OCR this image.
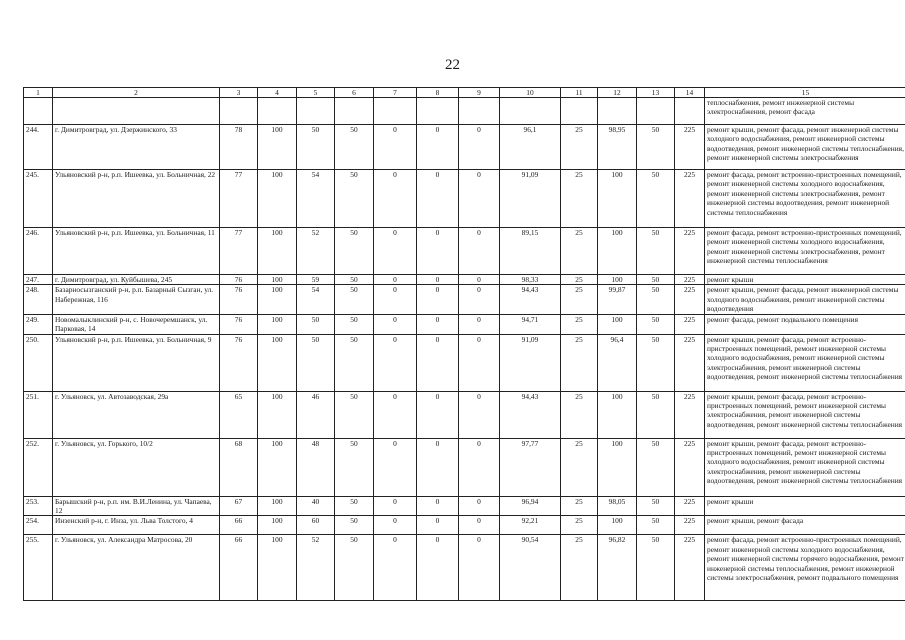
22
1	2	3	4	5	6	7	8	9	10	11	12	13	14	15
														теплоснабжения, ремонт инженерной системы электроснабжения, ремонт фасада
244.	г. Димитровград, ул. Дзержинского, 33	78	100	50	50	0	0	0	96,1	25	98,95	50	225	ремонт крыши, ремонт фасада, ремонт инженерной системы холодного водоснабжения, ремонт инженерной системы водоотведения, ремонт инженерной системы теплоснабжения, ремонт инженерной системы электроснабжения
245.	Ульяновский р-н, р.п. Ишеевка, ул. Больничная, 22	77	100	54	50	0	0	0	91,09	25	100	50	225	ремонт фасада, ремонт встроенно-пристроенных помещений, ремонт инженерной системы холодного водоснабжения, ремонт инженерной системы электроснабжения, ремонт инженерной системы водоотведения, ремонт инженерной системы теплоснабжения
246.	Ульяновский р-н, р.п. Ишеевка, ул. Больничная, 11	77	100	52	50	0	0	0	89,15	25	100	50	225	ремонт фасада, ремонт встроенно-пристроенных помещений, ремонт инженерной системы холодного водоснабжения, ремонт инженерной системы электроснабжения, ремонт инженерной системы теплоснабжения
247.	г. Димитровград, ул. Куйбышева, 245	76	100	59	50	0	0	0	98,33	25	100	50	225	ремонт крыши
248.	Базарносызганский р-н, р.п. Базарный Сызган, ул. Набережная, 116	76	100	54	50	0	0	0	94,43	25	99,87	50	225	ремонт крыши, ремонт фасада, ремонт инженерной системы холодного водоснабжения, ремонт инженерной системы водоотведения
249.	Новомалыклинский р-н, с. Новочеремшанск, ул. Парковая, 14	76	100	50	50	0	0	0	94,71	25	100	50	225	ремонт фасада, ремонт подвального помещения
250.	Ульяновский р-н, р.п. Ишеевка, ул. Больничная, 9	76	100	50	50	0	0	0	91,09	25	96,4	50	225	ремонт крыши, ремонт фасада, ремонт встроенно-пристроенных помещений, ремонт инженерной системы холодного водоснабжения, ремонт инженерной системы электроснабжения, ремонт инженерной системы водоотведения, ремонт инженерной системы теплоснабжения
251.	г. Ульяновск, ул. Автозаводская, 29а	65	100	46	50	0	0	0	94,43	25	100	50	225	ремонт крыши, ремонт фасада, ремонт встроенно-пристроенных помещений, ремонт инженерной системы электроснабжения, ремонт инженерной системы водоотведения, ремонт инженерной системы теплоснабжения
252.	г. Ульяновск, ул. Горького, 10/2	68	100	48	50	0	0	0	97,77	25	100	50	225	ремонт крыши, ремонт фасада, ремонт встроенно-пристроенных помещений, ремонт инженерной системы холодного водоснабжения, ремонт инженерной системы электроснабжения, ремонт инженерной системы водоотведения, ремонт инженерной системы теплоснабжения
253.	Барышский р-н, р.п. им. В.И.Ленина, ул. Чапаева, 12	67	100	40	50	0	0	0	96,94	25	98,05	50	225	ремонт крыши
254.	Инзенский р-н, г. Инза, ул. Льва Толстого, 4	66	100	60	50	0	0	0	92,21	25	100	50	225	ремонт крыши, ремонт фасада
255.	г. Ульяновск, ул. Александра Матросова, 20	66	100	52	50	0	0	0	90,54	25	96,82	50	225	ремонт фасада, ремонт встроенно-пристроенных помещений, ремонт инженерной системы холодного водоснабжения, ремонт инженерной системы горячего водоснабжения, ремонт инженерной системы теплоснабжения, ремонт инженерной системы электроснабжения, ремонт подвального помещения
